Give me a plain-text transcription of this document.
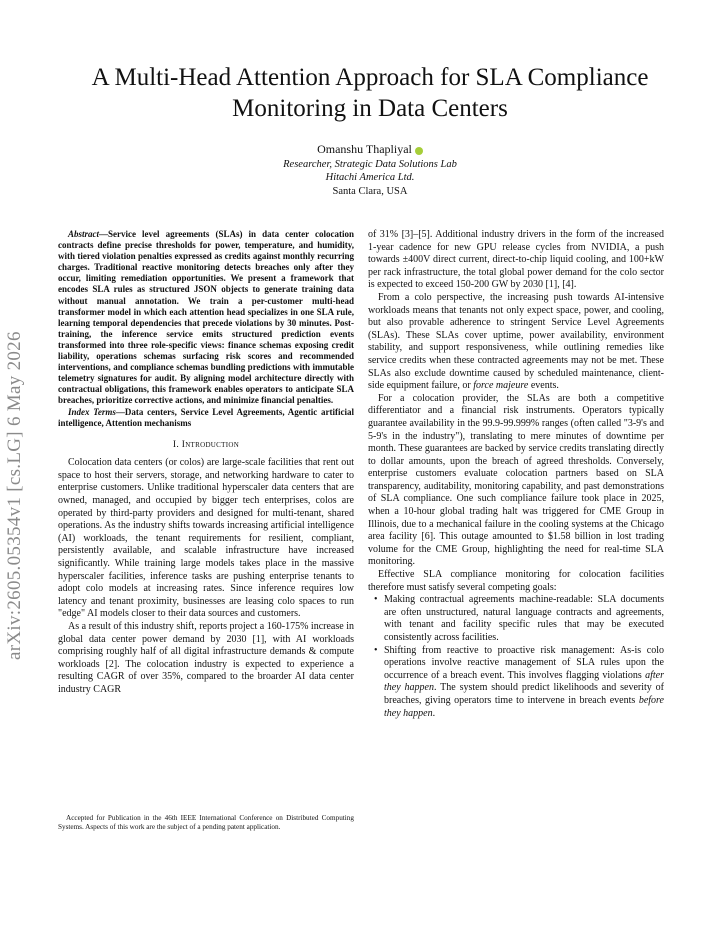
arXiv:2605.05354v1 [cs.LG] 6 May 2026
A Multi-Head Attention Approach for SLA Compliance Monitoring in Data Centers
Omanshu Thapliyal
Researcher, Strategic Data Solutions Lab
Hitachi America Ltd.
Santa Clara, USA

Abstract—Service level agreements (SLAs) in data center colocation contracts define precise thresholds for power, temperature, and humidity, with tiered violation penalties expressed as credits against monthly recurring charges. Traditional reactive monitoring detects breaches only after they occur, limiting remediation opportunities. We present a framework that encodes SLA rules as structured JSON objects to generate training data without manual annotation. We train a per-customer multi-head transformer model in which each attention head specializes in one SLA rule, learning temporal dependencies that precede violations by 30 minutes. Post-training, the inference service emits structured prediction events transformed into three role-specific views: finance schemas exposing credit liability, operations schemas surfacing risk scores and recommended interventions, and compliance schemas bundling predictions with immutable telemetry signatures for audit. By aligning model architecture directly with contractual obligations, this framework enables operators to anticipate SLA breaches, prioritize corrective actions, and minimize financial penalties.

Index Terms—Data centers, Service Level Agreements, Agentic artificial intelligence, Attention mechanisms

I. Introduction

Colocation data centers (or colos) are large-scale facilities that rent out space to host their servers, storage, and networking hardware to cater to enterprise customers. Unlike traditional hyperscaler data centers that are owned, managed, and occupied by bigger tech enterprises, colos are operated by third-party providers and designed for multi-tenant, shared operations. As the industry shifts towards increasing artificial intelligence (AI) workloads, the tenant requirements for resilient, compliant, persistently available, and scalable infrastructure have increased significantly. While training large models takes place in the massive hyperscaler facilities, inference tasks are pushing enterprise tenants to adopt colo models at increasing rates. Since inference requires low latency and tenant proximity, businesses are leasing colo spaces to run "edge" AI models closer to their data sources and customers.

As a result of this industry shift, reports project a 160-175% increase in global data center power demand by 2030 [1], with AI workloads comprising roughly half of all digital infrastructure demands & compute workloads [2]. The colocation industry is expected to experience a resulting CAGR of over 35%, compared to the broarder AI data center industry CAGR

of 31% [3]–[5]. Additional industry drivers in the form of the increased 1-year cadence for new GPU release cycles from NVIDIA, a push towards ±400V direct current, direct-to-chip liquid cooling, and 100+kW per rack infrastructure, the total global power demand for the colo sector is expected to exceed 150-200 GW by 2030 [1], [4].

From a colo perspective, the increasing push towards AI-intensive workloads means that tenants not only expect space, power, and cooling, but also provable adherence to stringent Service Level Agreements (SLAs). These SLAs cover uptime, power availability, environment stability, and support responsiveness, while outlining remedies like service credits when these contracted agreements may not be met. These SLAs also exclude downtime caused by scheduled maintenance, client-side equipment failure, or force majeure events.

For a colocation provider, the SLAs are both a competitive differentiator and a financial risk instruments. Operators typically guarantee availability in the 99.9-99.999% ranges (often called "3-9's and 5-9's in the industry"), translating to mere minutes of downtime per month. These guarantees are backed by service credits translating directly to dollar amounts, upon the breach of agreed thresholds. Conversely, enterprise customers evaluate colocation partners based on SLA transparency, auditability, monitoring capability, and past demonstrations of SLA compliance. One such compliance failure took place in 2025, when a 10-hour global trading halt was triggered for CME Group in Illinois, due to a mechanical failure in the cooling systems at the Chicago area facility [6]. This outage amounted to $1.58 billion in lost trading volume for the CME Group, highlighting the need for real-time SLA monitoring.

Effective SLA compliance monitoring for colocation facilities therefore must satisfy several competing goals:

• Making contractual agreements machine-readable: SLA documents are often unstructured, natural language contracts and agreements, with tenant and facility specific rules that may be executed consistently across facilities.
• Shifting from reactive to proactive risk management: As-is colo operations involve reactive management of SLA rules upon the occurrence of a breach event. This involves flagging violations after they happen. The system should predict likelihoods and severity of breaches, giving operators time to intervene in breach events before they happen.
Accepted for Publication in the 46th IEEE International Conference on Distributed Computing Systems. Aspects of this work are the subject of a pending patent application.
